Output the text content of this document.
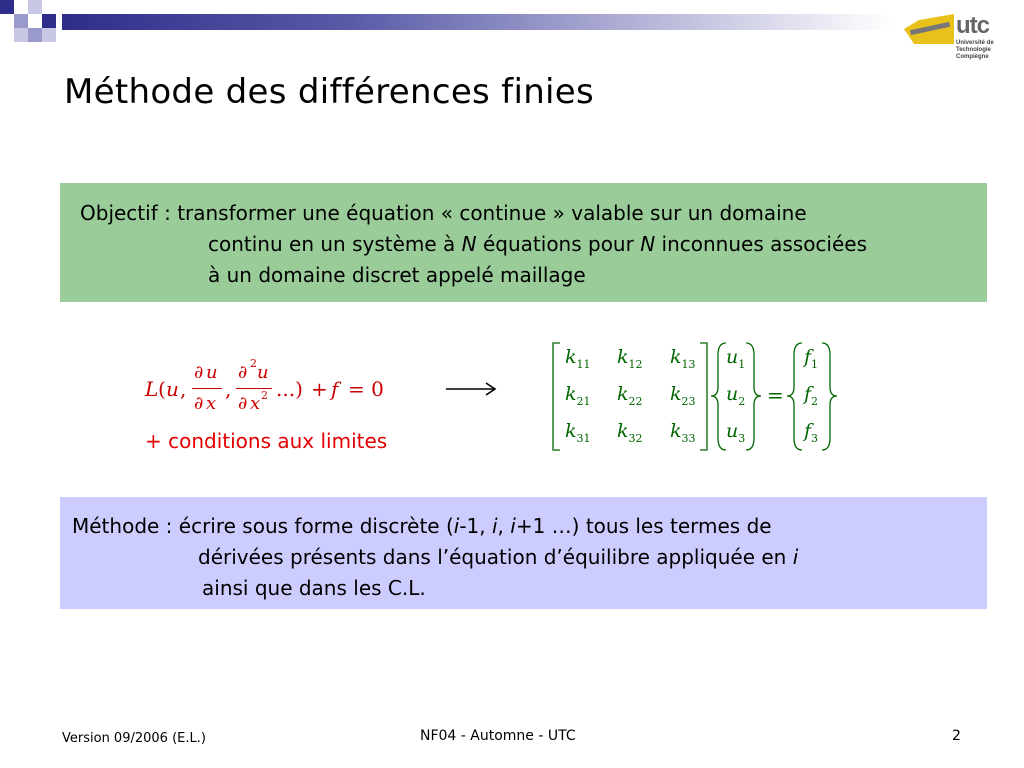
utc
Université de Technologie
Compiègne
Méthode des différences finies
Objectif : transformer une équation « continue » valable sur un domaine
continu en un système à N équations pour N inconnues associées
à un domaine discret appelé maillage
L ( u ,
∂ u
∂ x
,
∂ 2 u
∂ x 2 ...) + f = 0
+ conditions aux limites
$k_{11}$ $k_{12}$ $k_{13}$
$k_{21}$ $k_{22}$ $k_{23}$
$k_{31}$ $k_{32}$ $k_{33}$
$u_1$
$u_2$
$u_3$
=
$f_1$
$f_2$
$f_3$
Méthode : écrire sous forme discrète (i-1, i, i+1 …) tous les termes de
dérivées présents dans l’équation d’équilibre appliquée en i
ainsi que dans les C.L.
Version 09/2006 (E.L.)	NF04 - Automne - UTC	2
